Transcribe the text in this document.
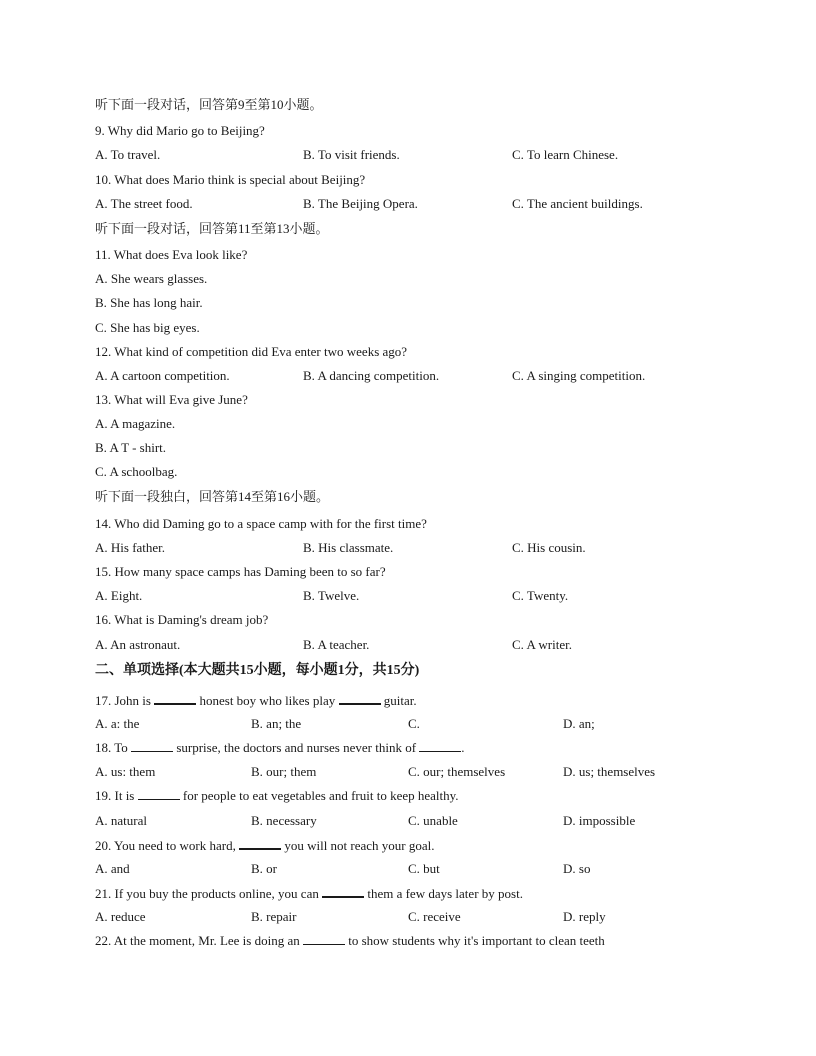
听下面一段对话，回答第9至第10小题。
9. Why did Mario go to Beijing?
A. To travel.	B. To visit friends.	C. To learn Chinese.
10. What does Mario think is special about Beijing?
A. The street food.	B. The Beijing Opera.	C. The ancient buildings.
听下面一段对话，回答第11至第13小题。
11. What does Eva look like?
A. She wears glasses.
B. She has long hair.
C. She has big eyes.
12. What kind of competition did Eva enter two weeks ago?
A. A cartoon competition.	B. A dancing competition.	C. A singing competition.
13. What will Eva give June?
A. A magazine.
B. A T - shirt.
C. A schoolbag.
听下面一段独白，回答第14至第16小题。
14. Who did Daming go to a space camp with for the first time?
A. His father.	B. His classmate.	C. His cousin.
15. How many space camps has Daming been to so far?
A. Eight.	B. Twelve.	C. Twenty.
16. What is Daming's dream job?
A. An astronaut.	B. A teacher.	C. A writer.
二、单项选择(本大题共15小题，每小题1分，共15分)
17. John is	honest boy who likes play	guitar.
A. a: the	B. an; the	C.	D. an;
18. To	surprise, the doctors and nurses never think of	.
A. us: them	B. our; them	C. our; themselves	D. us; themselves
19. It is	for people to eat vegetables and fruit to keep healthy.
A. natural	B. necessary	C. unable	D. impossible
20. You need to work hard,	you will not reach your goal.
A. and	B. or	C. but	D. so
21. If you buy the products online, you can	them a few days later by post.
A. reduce	B. repair	C. receive	D. reply
22. At the moment, Mr. Lee is doing an	to show students why it's important to clean teeth
